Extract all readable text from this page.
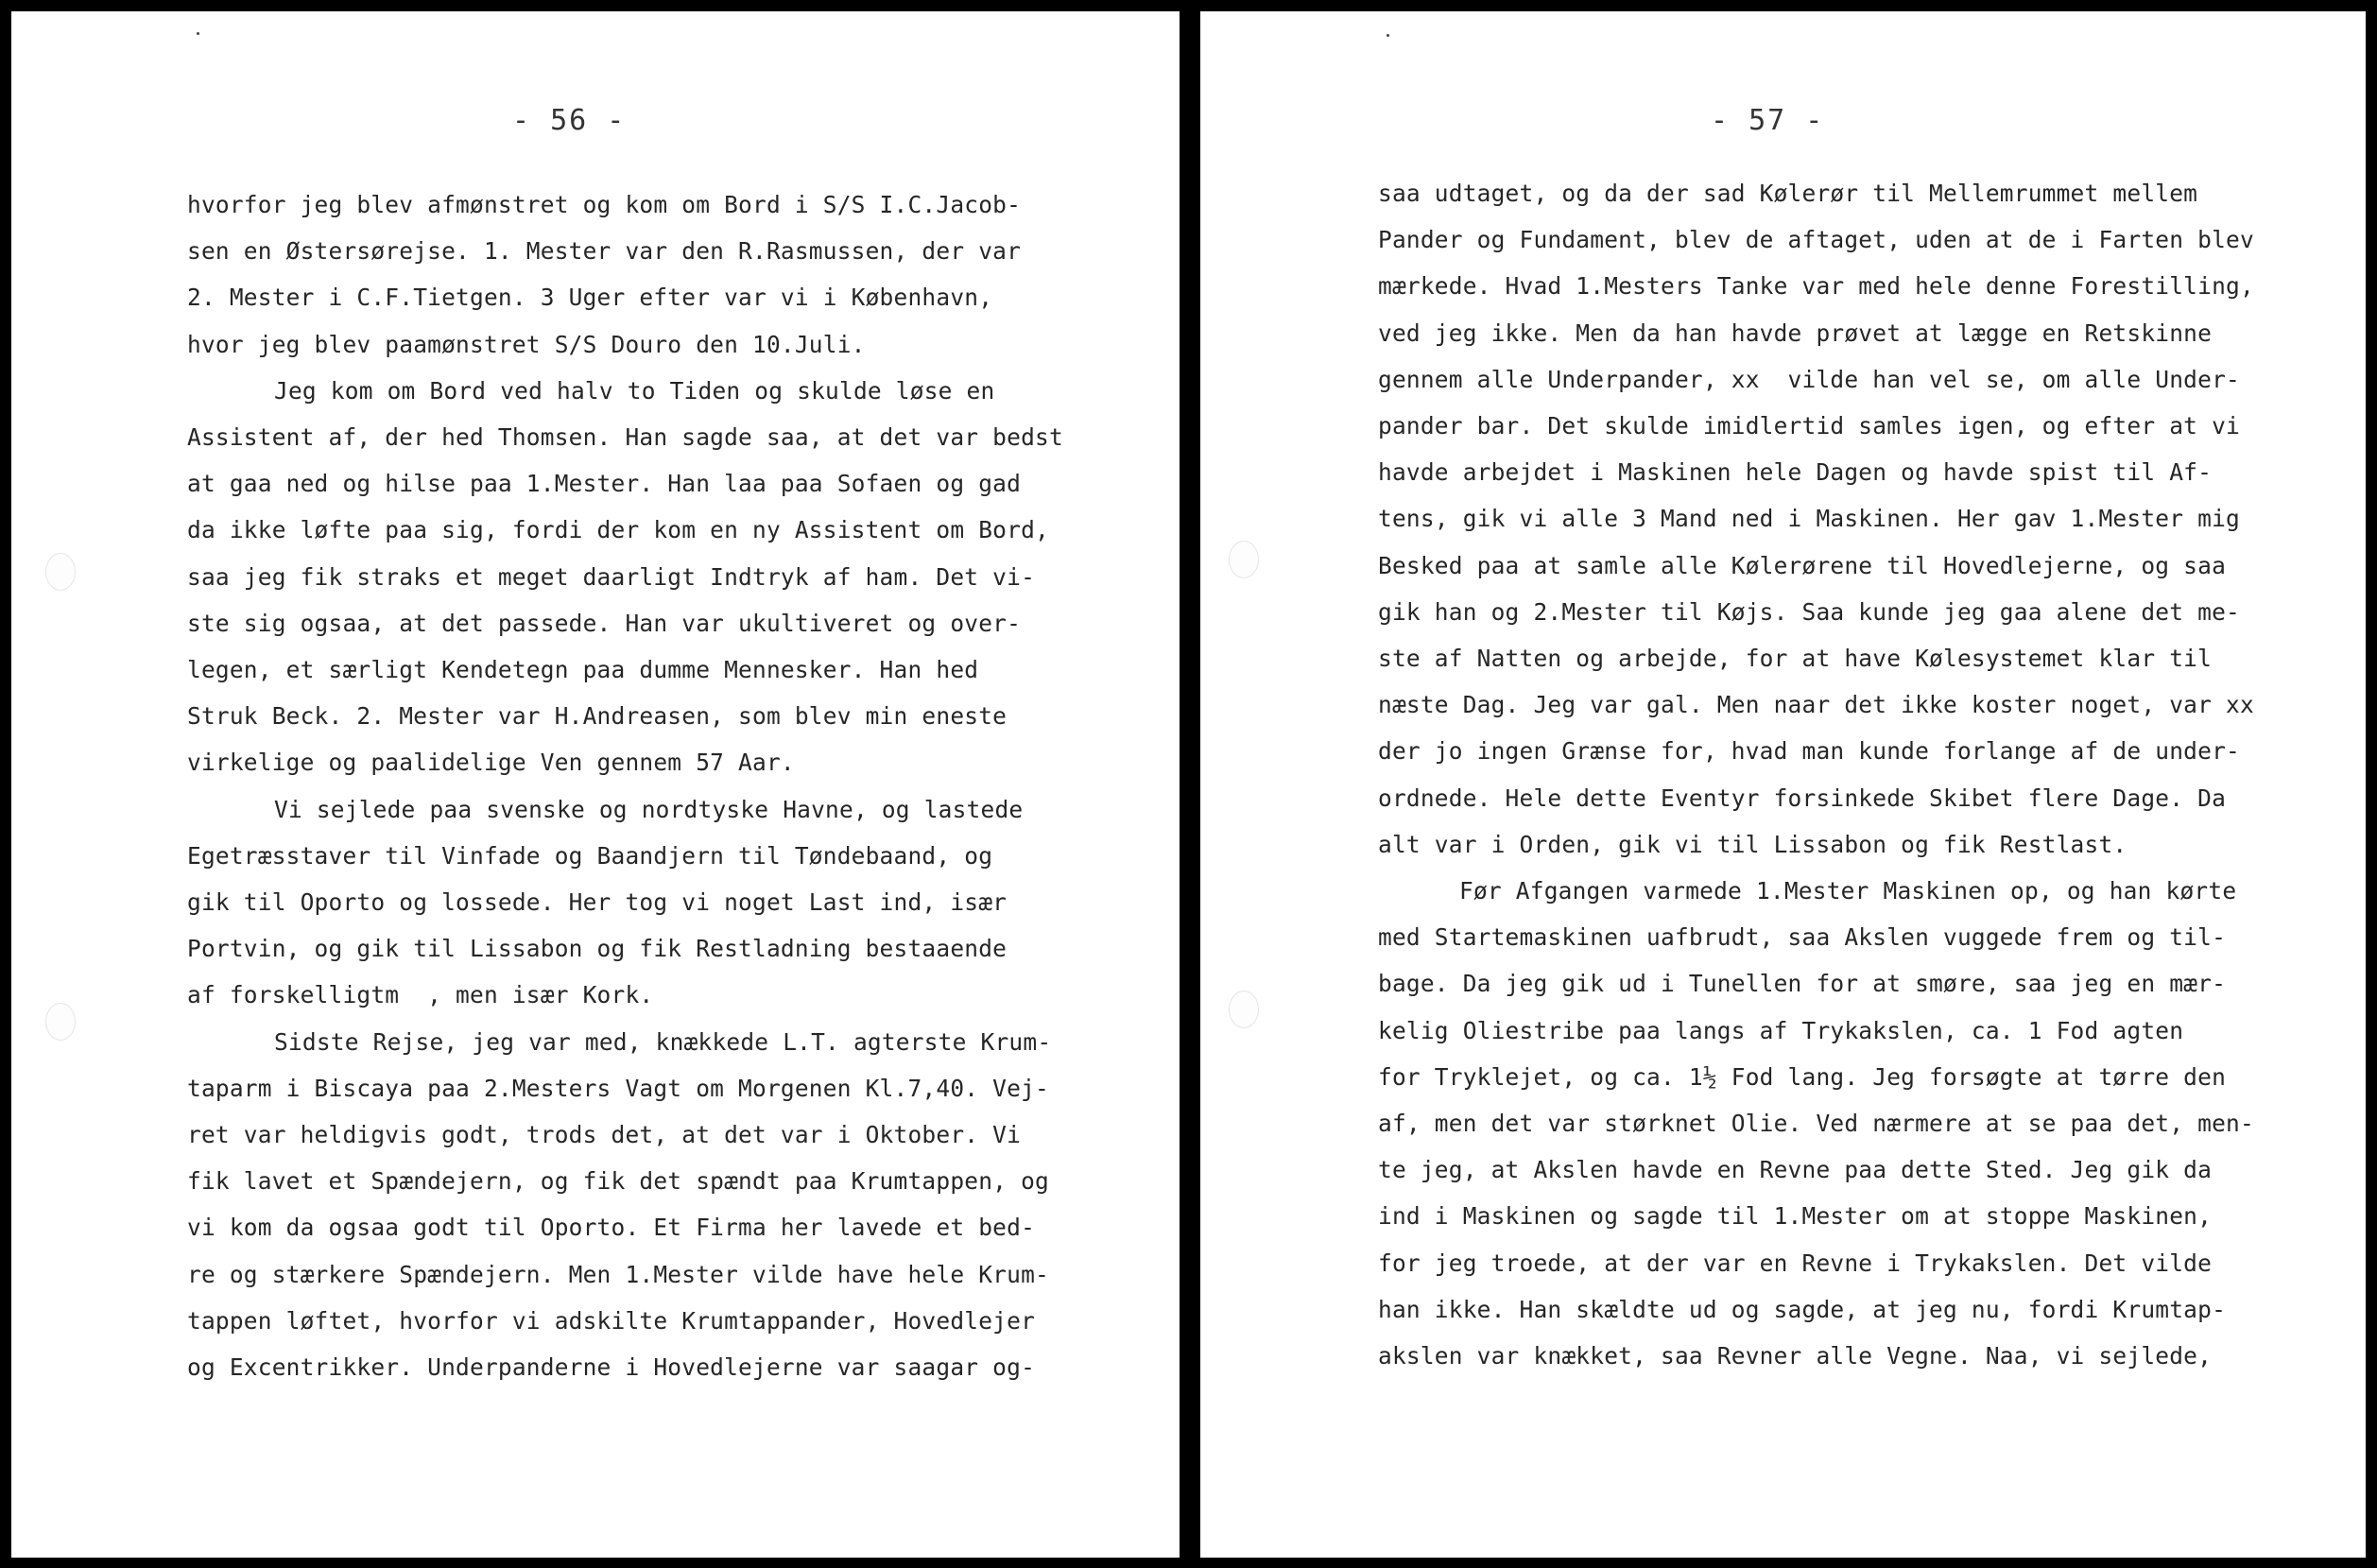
- 56 -
hvorfor jeg blev afmønstret og kom om Bord i S/S I.C.Jacob-
sen en Østersørejse. 1. Mester var den R.Rasmussen, der var
2. Mester i C.F.Tietgen. 3 Uger efter var vi i København,
hvor jeg blev paamønstret S/S Douro den 10.Juli.
Jeg kom om Bord ved halv to Tiden og skulde løse en
Assistent af, der hed Thomsen. Han sagde saa, at det var bedst
at gaa ned og hilse paa 1.Mester. Han laa paa Sofaen og gad
da ikke løfte paa sig, fordi der kom en ny Assistent om Bord,
saa jeg fik straks et meget daarligt Indtryk af ham. Det vi-
ste sig ogsaa, at det passede. Han var ukultiveret og over-
legen, et særligt Kendetegn paa dumme Mennesker. Han hed
Struk Beck. 2. Mester var H.Andreasen, som blev min eneste
virkelige og paalidelige Ven gennem 57 Aar.
Vi sejlede paa svenske og nordtyske Havne, og lastede
Egetræsstaver til Vinfade og Baandjern til Tøndebaand, og
gik til Oporto og lossede. Her tog vi noget Last ind, især
Portvin, og gik til Lissabon og fik Restladning bestaaende
af forskelligtm  , men især Kork.
Sidste Rejse, jeg var med, knækkede L.T. agterste Krum-
taparm i Biscaya paa 2.Mesters Vagt om Morgenen Kl.7,40. Vej-
ret var heldigvis godt, trods det, at det var i Oktober. Vi
fik lavet et Spændejern, og fik det spændt paa Krumtappen, og
vi kom da ogsaa godt til Oporto. Et Firma her lavede et bed-
re og stærkere Spændejern. Men 1.Mester vilde have hele Krum-
tappen løftet, hvorfor vi adskilte Krumtappander, Hovedlejer
og Excentrikker. Underpanderne i Hovedlejerne var saagar og-
- 57 -
saa udtaget, og da der sad Kølerør til Mellemrummet mellem
Pander og Fundament, blev de aftaget, uden at de i Farten blev
mærkede. Hvad 1.Mesters Tanke var med hele denne Forestilling,
ved jeg ikke. Men da han havde prøvet at lægge en Retskinne
gennem alle Underpander, xx  vilde han vel se, om alle Under-
pander bar. Det skulde imidlertid samles igen, og efter at vi
havde arbejdet i Maskinen hele Dagen og havde spist til Af-
tens, gik vi alle 3 Mand ned i Maskinen. Her gav 1.Mester mig
Besked paa at samle alle Kølerørene til Hovedlejerne, og saa
gik han og 2.Mester til Køjs. Saa kunde jeg gaa alene det me-
ste af Natten og arbejde, for at have Kølesystemet klar til
næste Dag. Jeg var gal. Men naar det ikke koster noget, var xx
der jo ingen Grænse for, hvad man kunde forlange af de under-
ordnede. Hele dette Eventyr forsinkede Skibet flere Dage. Da
alt var i Orden, gik vi til Lissabon og fik Restlast.
Før Afgangen varmede 1.Mester Maskinen op, og han kørte
med Startemaskinen uafbrudt, saa Akslen vuggede frem og til-
bage. Da jeg gik ud i Tunellen for at smøre, saa jeg en mær-
kelig Oliestribe paa langs af Trykakslen, ca. 1 Fod agten
for Tryklejet, og ca. 1½ Fod lang. Jeg forsøgte at tørre den
af, men det var størknet Olie. Ved nærmere at se paa det, men-
te jeg, at Akslen havde en Revne paa dette Sted. Jeg gik da
ind i Maskinen og sagde til 1.Mester om at stoppe Maskinen,
for jeg troede, at der var en Revne i Trykakslen. Det vilde
han ikke. Han skældte ud og sagde, at jeg nu, fordi Krumtap-
akslen var knækket, saa Revner alle Vegne. Naa, vi sejlede,
